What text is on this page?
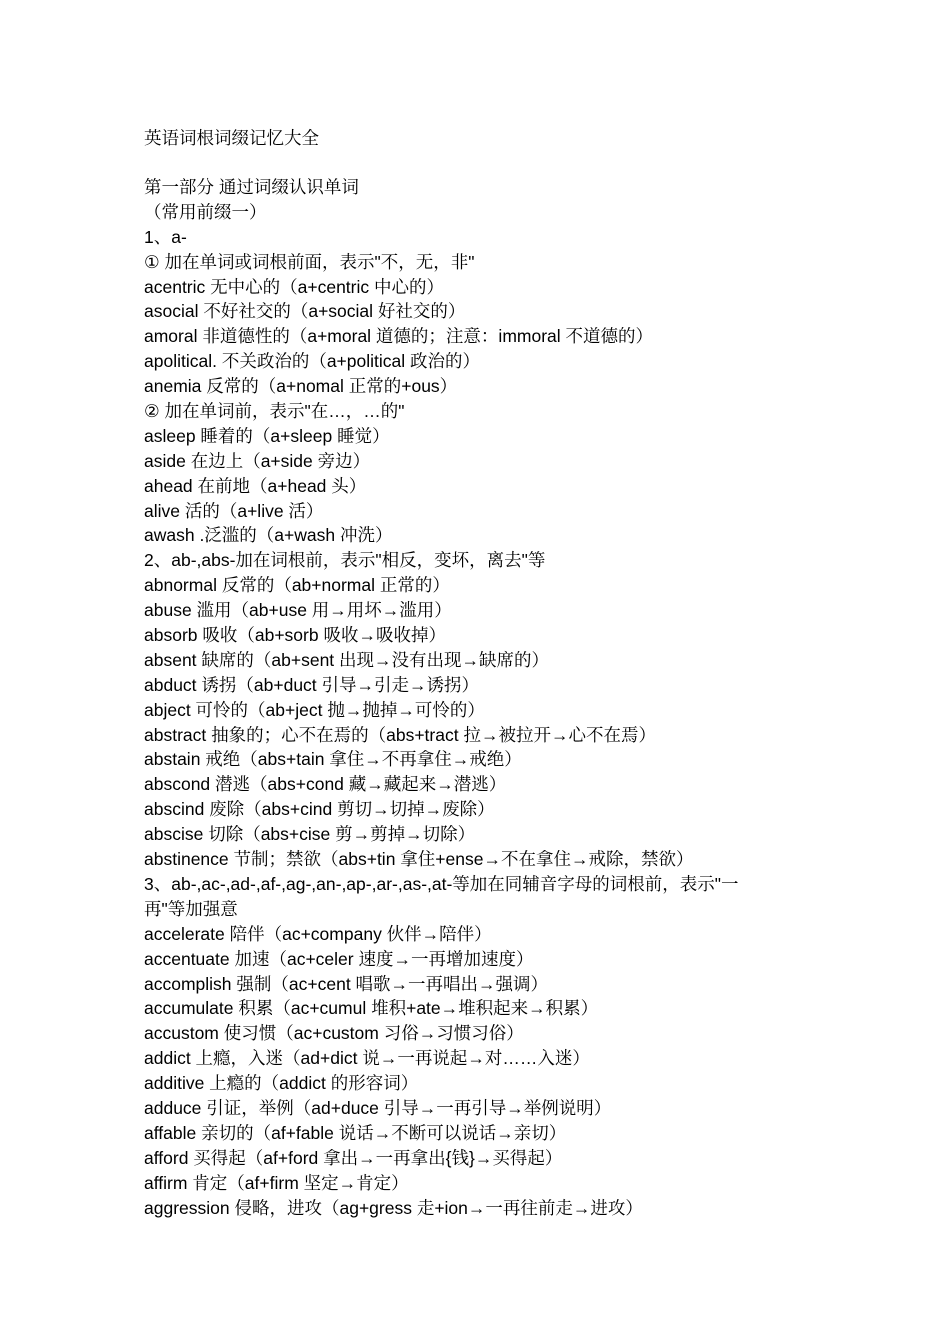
英语词根词缀记忆大全
第一部分 通过词缀认识单词
（常用前缀一）
1、a-
① 加在单词或词根前面，表示"不，无，非"
acentric 无中心的（a+centric 中心的）
asocial 不好社交的（a+social 好社交的）
amoral 非道德性的（a+moral 道德的；注意：immoral 不道德的）
apolitical. 不关政治的（a+political 政治的）
anemia 反常的（a+nomal 正常的+ous）
② 加在单词前，表示"在…，…的"
asleep 睡着的（a+sleep 睡觉）
aside 在边上（a+side 旁边）
ahead 在前地（a+head 头）
alive 活的（a+live 活）
awash .泛滥的（a+wash 冲洗）
2、ab-,abs-加在词根前，表示"相反，变坏，离去"等
abnormal 反常的（ab+normal 正常的）
abuse 滥用（ab+use 用→用坏→滥用）
absorb 吸收（ab+sorb 吸收→吸收掉）
absent 缺席的（ab+sent 出现→没有出现→缺席的）
abduct 诱拐（ab+duct 引导→引走→诱拐）
abject 可怜的（ab+ject 抛→抛掉→可怜的）
abstract 抽象的；心不在焉的（abs+tract 拉→被拉开→心不在焉）
abstain 戒绝（abs+tain 拿住→不再拿住→戒绝）
abscond 潜逃（abs+cond 藏→藏起来→潜逃）
abscind 废除（abs+cind 剪切→切掉→废除）
abscise 切除（abs+cise 剪→剪掉→切除）
abstinence 节制；禁欲（abs+tin 拿住+ense→不在拿住→戒除，禁欲）
3、ab-,ac-,ad-,af-,ag-,an-,ap-,ar-,as-,at-等加在同辅音字母的词根前，表示"一
再"等加强意
accelerate 陪伴（ac+company 伙伴→陪伴）
accentuate 加速（ac+celer 速度→一再增加速度）
accomplish 强制（ac+cent 唱歌→一再唱出→强调）
accumulate 积累（ac+cumul 堆积+ate→堆积起来→积累）
accustom 使习惯（ac+custom 习俗→习惯习俗）
addict 上瘾，入迷（ad+dict 说→一再说起→对……入迷）
additive 上瘾的（addict 的形容词）
adduce 引证，举例（ad+duce 引导→一再引导→举例说明）
affable 亲切的（af+fable 说话→不断可以说话→亲切）
afford 买得起（af+ford 拿出→一再拿出{钱}→买得起）
affirm 肯定（af+firm 坚定→肯定）
aggression 侵略，进攻（ag+gress 走+ion→一再往前走→进攻）
